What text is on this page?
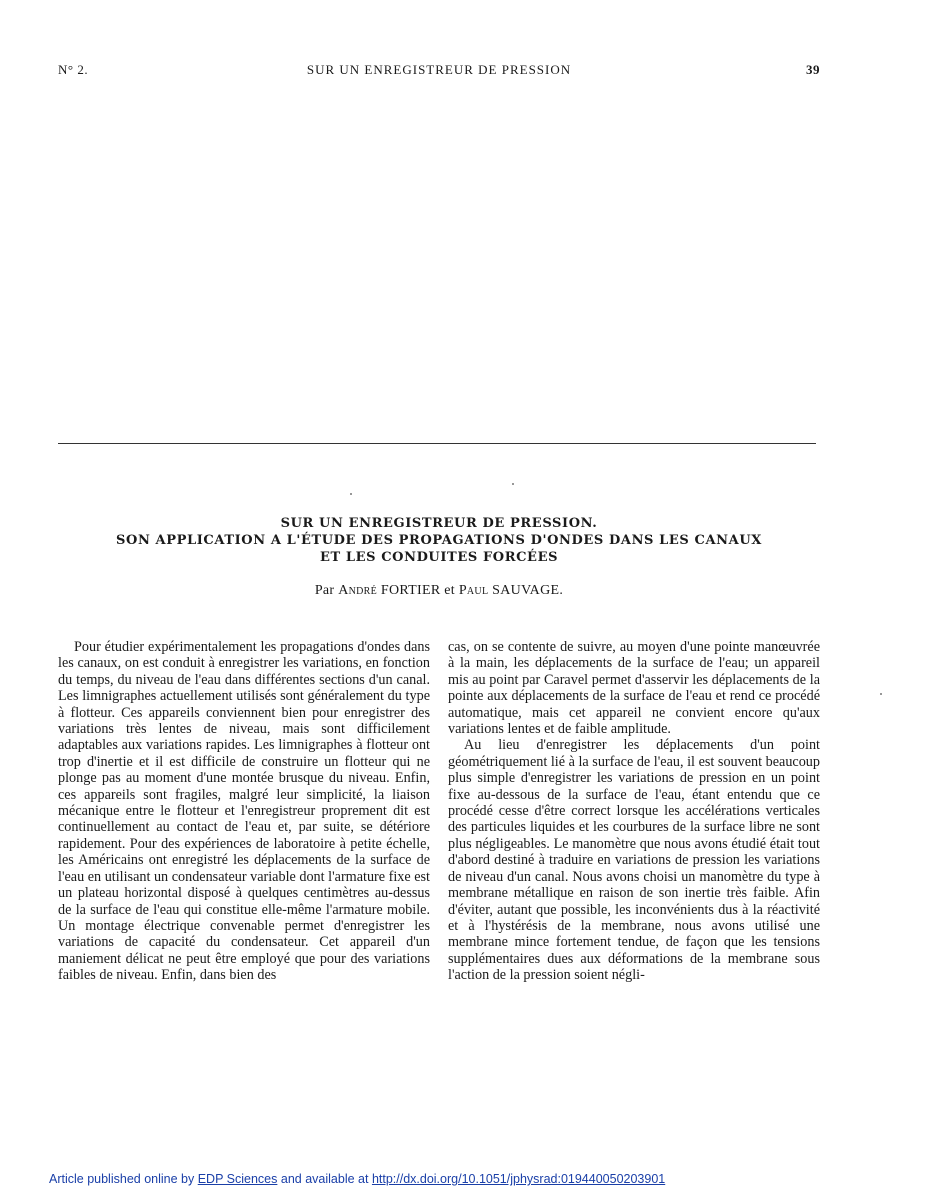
N° 2.	SUR UN ENREGISTREUR DE PRESSION	39
SUR UN ENREGISTREUR DE PRESSION.
SON APPLICATION A L'ÉTUDE DES PROPAGATIONS D'ONDES DANS LES CANAUX
ET LES CONDUITES FORCÉES
Par André FORTIER et Paul SAUVAGE.

Pour étudier expérimentalement les propagations d'ondes dans les canaux, on est conduit à enregistrer les variations, en fonction du temps, du niveau de l'eau dans différentes sections d'un canal. Les limnigraphes actuellement utilisés sont généralement du type à flotteur. Ces appareils conviennent bien pour enregistrer des variations très lentes de niveau, mais sont difficilement adaptables aux variations rapides. Les limnigraphes à flotteur ont trop d'inertie et il est difficile de construire un flotteur qui ne plonge pas au moment d'une montée brusque du niveau. Enfin, ces appareils sont fragiles, malgré leur simplicité, la liaison mécanique entre le flotteur et l'enregistreur proprement dit est continuellement au contact de l'eau et, par suite, se détériore rapidement. Pour des expériences de laboratoire à petite échelle, les Américains ont enregistré les déplacements de la surface de l'eau en utilisant un condensateur variable dont l'armature fixe est un plateau horizontal disposé à quelques centimètres au-dessus de la surface de l'eau qui constitue elle-même l'armature mobile. Un montage électrique convenable permet d'enregistrer les variations de capacité du condensateur. Cet appareil d'un maniement délicat ne peut être employé que pour des variations faibles de niveau. Enfin, dans bien des

cas, on se contente de suivre, au moyen d'une pointe manœuvrée à la main, les déplacements de la surface de l'eau; un appareil mis au point par Caravel permet d'asservir les déplacements de la pointe aux déplacements de la surface de l'eau et rend ce procédé automatique, mais cet appareil ne convient encore qu'aux variations lentes et de faible amplitude.

Au lieu d'enregistrer les déplacements d'un point géométriquement lié à la surface de l'eau, il est souvent beaucoup plus simple d'enregistrer les variations de pression en un point fixe au-dessous de la surface de l'eau, étant entendu que ce procédé cesse d'être correct lorsque les accélérations verticales des particules liquides et les courbures de la surface libre ne sont plus négligeables. Le manomètre que nous avons étudié était tout d'abord destiné à traduire en variations de pression les variations de niveau d'un canal. Nous avons choisi un manomètre du type à membrane métallique en raison de son inertie très faible. Afin d'éviter, autant que possible, les inconvénients dus à la réactivité et à l'hystérésis de la membrane, nous avons utilisé une membrane mince fortement tendue, de façon que les tensions supplémentaires dues aux déformations de la membrane sous l'action de la pression soient négli-

Article published online by EDP Sciences and available at http://dx.doi.org/10.1051/jphysrad:019440050203901
